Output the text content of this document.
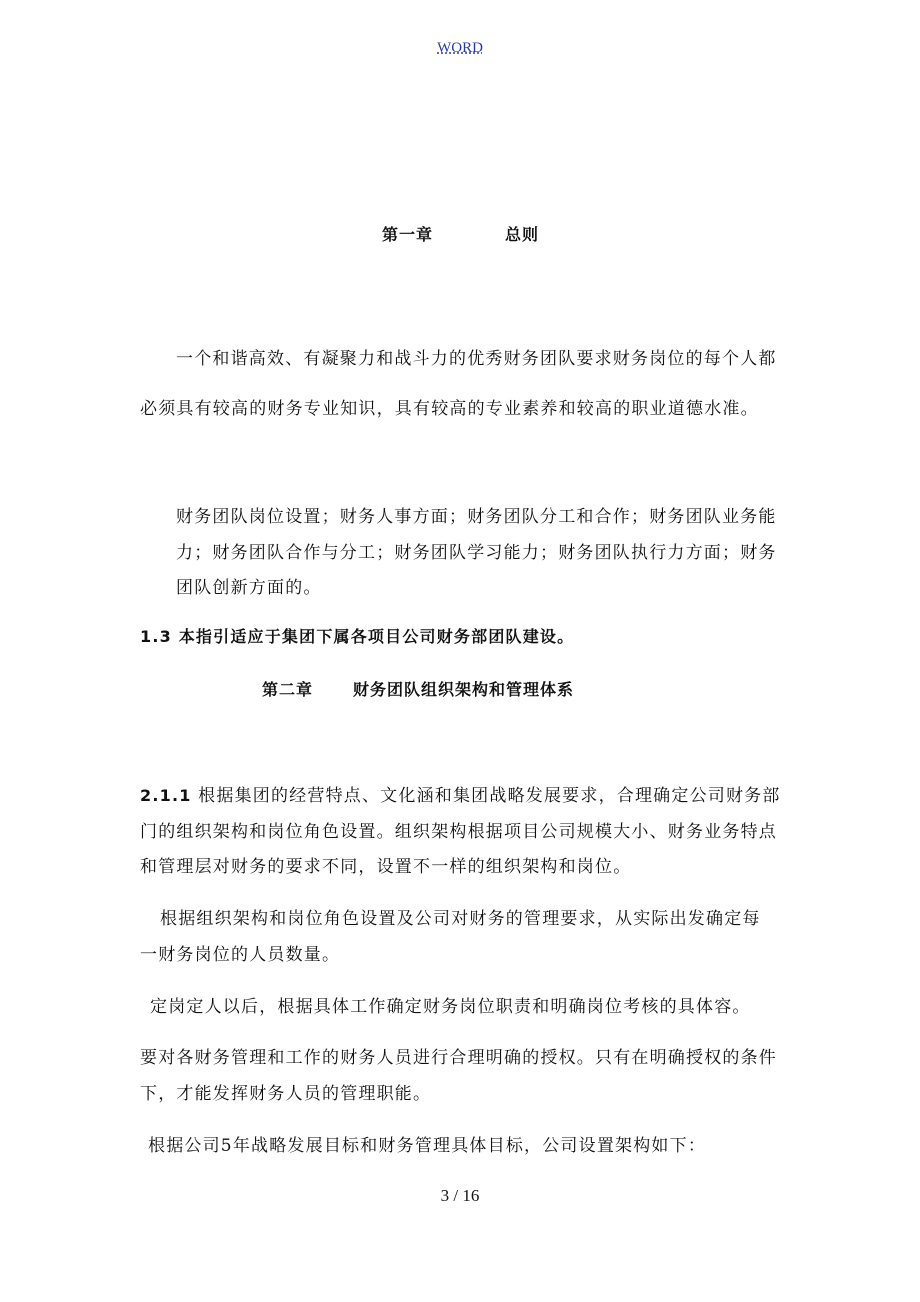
WORD
第一章	总则
一个和谐高效、有凝聚力和战斗力的优秀财务团队要求财务岗位的每个人都
必须具有较高的财务专业知识，具有较高的专业素养和较高的职业道德水准。
财务团队岗位设置；财务人事方面；财务团队分工和合作；财务团队业务能
力；财务团队合作与分工；财务团队学习能力；财务团队执行力方面；财务
团队创新方面的。
1.3 本指引适应于集团下属各项目公司财务部团队建设。
第二章 财务团队组织架构和管理体系
2.1.1 根据集团的经营特点、文化涵和集团战略发展要求，合理确定公司财务部
门的组织架构和岗位角色设置。组织架构根据项目公司规模大小、财务业务特点
和管理层对财务的要求不同，设置不一样的组织架构和岗位。
根据组织架构和岗位角色设置及公司对财务的管理要求，从实际出发确定每
一财务岗位的人员数量。
定岗定人以后，根据具体工作确定财务岗位职责和明确岗位考核的具体容。
要对各财务管理和工作的财务人员进行合理明确的授权。只有在明确授权的条件
下，才能发挥财务人员的管理职能。
根据公司5年战略发展目标和财务管理具体目标，公司设置架构如下：
3 / 16
